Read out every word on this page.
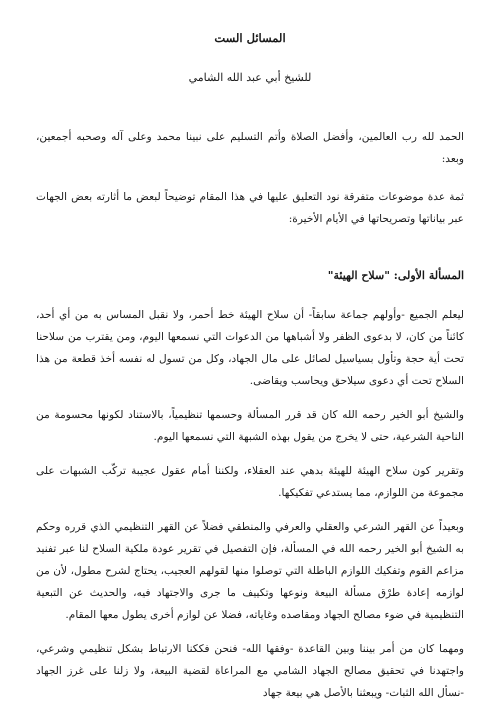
المسائل الست
للشيخ أبي عبد الله الشامي

الحمد لله رب العالمين، وأفضل الصلاة وأتم التسليم على نبينا محمد وعلى آله وصحبه أجمعين، وبعد:

ثمة عدة موضوعات متفرقة نود التعليق عليها في هذا المقام توضيحاً لبعض ما أثارته بعض الجهات عبر بياناتها وتصريحاتها في الأيام الأخيرة:

المسألة الأولى: "سلاح الهيئة"

ليعلم الجميع -وأولهم جماعة سابقاً- أن سلاح الهيئة خط أحمر، ولا نقبل المساس به من أي أحد، كائناً من كان، لا بدعوى الظفر ولا أشباهها من الدعوات التي نسمعها اليوم، ومن يقترب من سلاحنا تحت أية حجة وتأول بسياسيل لصائل على مال الجهاد، وكل من تسول له نفسه أخذ قطعة من هذا السلاح تحت أي دعوى سيلاحق ويحاسب ويقاضى.

والشيخ أبو الخير رحمه الله كان قد قرر المسألة وحسمها تنظيمياً، بالاستناد لكونها محسومة من الناحية الشرعية، حتى لا يخرج من يقول بهذه الشبهة التي نسمعها اليوم.

وتقرير كون سلاح الهيئة للهيئة بدهي عند العقلاء، ولكننا أمام عقول عجيبة تركّب الشبهات على مجموعة من اللوازم، مما يستدعي تفكيكها.

وبعيداً عن القهر الشرعي والعقلي والعرفي والمنطقي فضلاً عن القهر التنظيمي الذي قرره وحكم به الشيخ أبو الخير رحمه الله في المسألة، فإن التفصيل في تقرير عودة ملكية السلاح لنا عبر تفنيد مزاعم القوم وتفكيك اللوازم الباطلة التي توصلوا منها لقولهم العجيب، يحتاج لشرح مطول، لأن من لوازمه إعادة طرْق مسألة البيعة ونوعها وتكييف ما جرى والاجتهاد فيه، والحديث عن التبعية التنظيمية في ضوء مصالح الجهاد ومقاصده وغاياته، فضلا عن لوازم أخرى يطول معها المقام.

ومهما كان من أمر بيننا وبين القاعدة -وفقها الله- فنحن فككنا الارتباط بشكل تنظيمي وشرعي، واجتهدنا في تحقيق مصالح الجهاد الشامي مع المراعاة لقضية البيعة، ولا زلنا على غرز الجهاد -نسأل الله الثبات- ويبعثنا بالأصل هي بيعة جهاد
